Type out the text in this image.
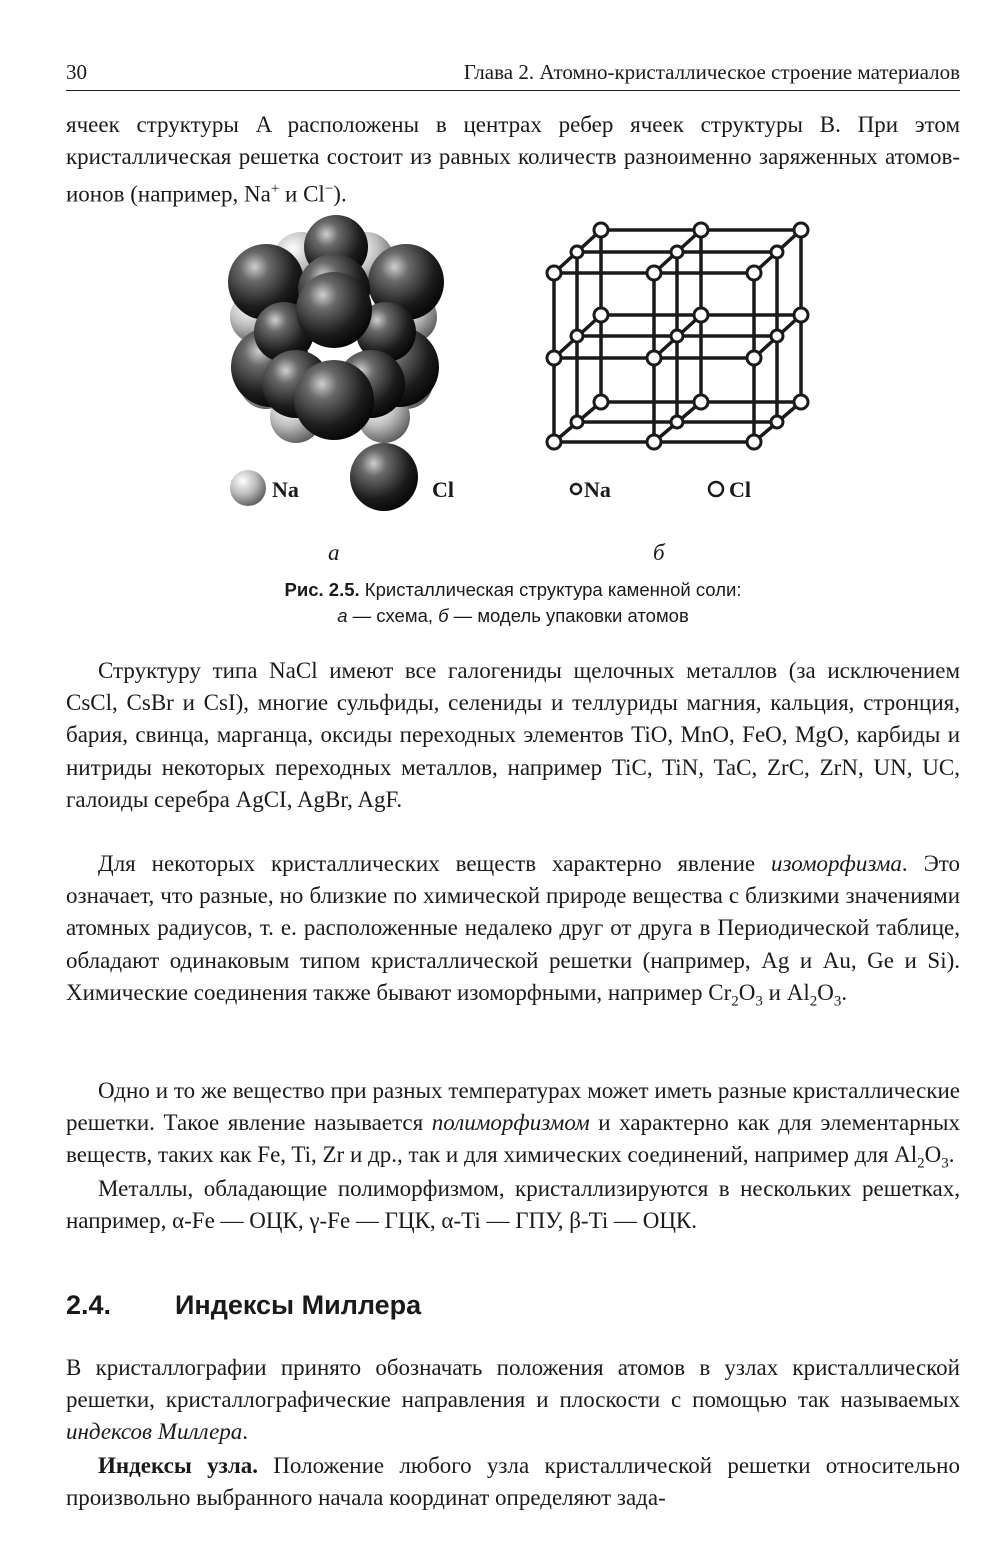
30	Глава 2. Атомно-кристаллическое строение материалов

ячеек структуры A расположены в центрах ребер ячеек структуры B. При этом кристаллическая решетка состоит из равных количеств разноименно заряженных атомов-ионов (например, Na+ и Cl−).

Na	Cl	Na	Cl
а	б
Рис. 2.5. Кристаллическая структура каменной соли:
а — схема, б — модель упаковки атомов

Структуру типа NaCl имеют все галогениды щелочных металлов (за исключением CsCl, CsBr и CsI), многие сульфиды, селениды и теллуриды магния, кальция, стронция, бария, свинца, марганца, оксиды переходных элементов TiO, MnO, FeO, MgO, карбиды и нитриды некоторых переходных металлов, например TiC, TiN, TaC, ZrC, ZrN, UN, UC, галоиды серебра AgCI, AgBr, AgF.

Для некоторых кристаллических веществ характерно явление изоморфизма. Это означает, что разные, но близкие по химической природе вещества с близкими значениями атомных радиусов, т. е. расположенные недалеко друг от друга в Периодической таблице, обладают одинаковым типом кристаллической решетки (например, Ag и Au, Ge и Si). Химические соединения также бывают изоморфными, например $Cr_2O_3$ и $Al_2O_3$.

Одно и то же вещество при разных температурах может иметь разные кристаллические решетки. Такое явление называется полиморфизмом и характерно как для элементарных веществ, таких как Fe, Ti, Zr и др., так и для химических соединений, например для $Al_2O_3$.

Металлы, обладающие полиморфизмом, кристаллизируются в нескольких решетках, например, α-Fe — ОЦК, γ-Fe — ГЦК, α-Ti — ГПУ, β-Ti — ОЦК.

2.4. Индексы Миллера

В кристаллографии принято обозначать положения атомов в узлах кристаллической решетки, кристаллографические направления и плоскости с помощью так называемых индексов Миллера.

Индексы узла. Положение любого узла кристаллической решетки относительно произвольно выбранного начала координат определяют зада-
